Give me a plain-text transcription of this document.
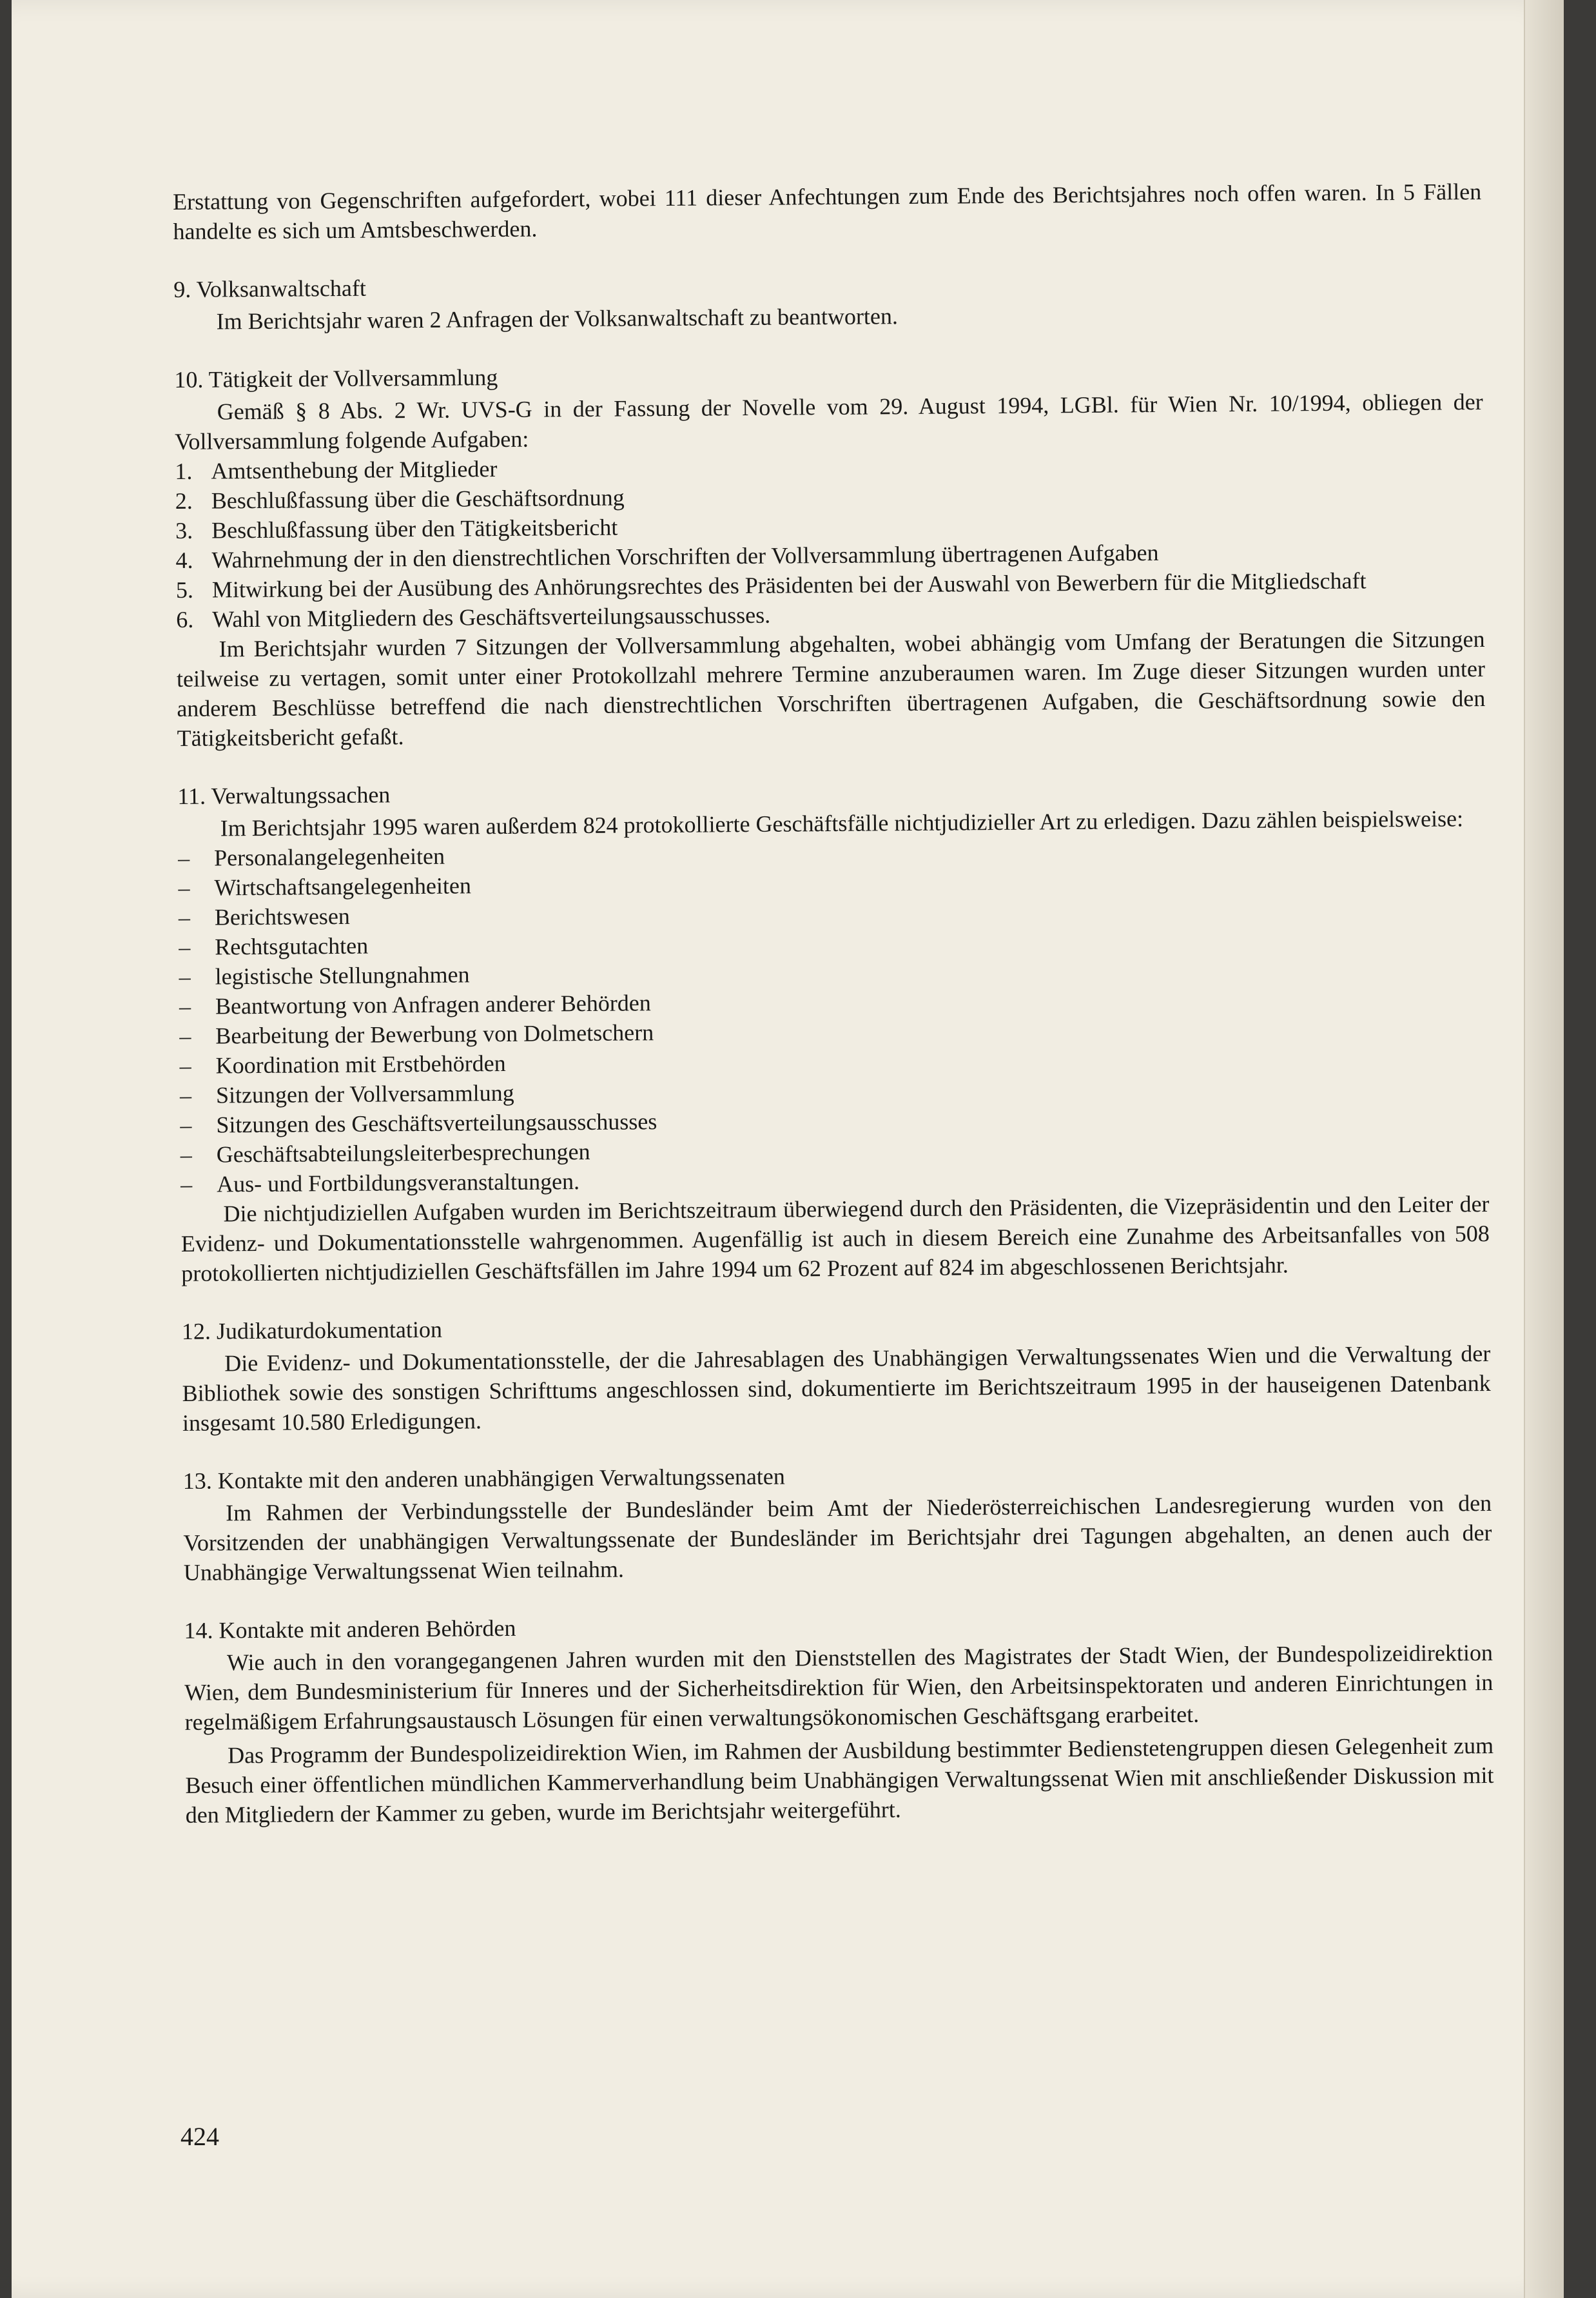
Erstattung von Gegenschriften aufgefordert, wobei 111 dieser Anfechtungen zum Ende des Berichtsjahres noch offen waren. In 5 Fällen handelte es sich um Amtsbeschwerden.

9. Volksanwaltschaft

Im Berichtsjahr waren 2 Anfragen der Volksanwaltschaft zu beantworten.

10. Tätigkeit der Vollversammlung

Gemäß § 8 Abs. 2 Wr. UVS-G in der Fassung der Novelle vom 29. August 1994, LGBl. für Wien Nr. 10/1994, obliegen der Vollversammlung folgende Aufgaben:

1. Amtsenthebung der Mitglieder
2. Beschlußfassung über die Geschäftsordnung
3. Beschlußfassung über den Tätigkeitsbericht
4. Wahrnehmung der in den dienstrechtlichen Vorschriften der Vollversammlung übertragenen Aufgaben
5. Mitwirkung bei der Ausübung des Anhörungsrechtes des Präsidenten bei der Auswahl von Bewerbern für die Mitgliedschaft
6. Wahl von Mitgliedern des Geschäftsverteilungsausschusses.

Im Berichtsjahr wurden 7 Sitzungen der Vollversammlung abgehalten, wobei abhängig vom Umfang der Beratungen die Sitzungen teilweise zu vertagen, somit unter einer Protokollzahl mehrere Termine anzuberaumen waren. Im Zuge dieser Sitzungen wurden unter anderem Beschlüsse betreffend die nach dienstrechtlichen Vorschriften übertragenen Aufgaben, die Geschäftsordnung sowie den Tätigkeitsbericht gefaßt.

11. Verwaltungssachen

Im Berichtsjahr 1995 waren außerdem 824 protokollierte Geschäftsfälle nichtjudizieller Art zu erledigen. Dazu zählen beispielsweise:

– Personalangelegenheiten
– Wirtschaftsangelegenheiten
– Berichtswesen
– Rechtsgutachten
– legistische Stellungnahmen
– Beantwortung von Anfragen anderer Behörden
– Bearbeitung der Bewerbung von Dolmetschern
– Koordination mit Erstbehörden
– Sitzungen der Vollversammlung
– Sitzungen des Geschäftsverteilungsausschusses
– Geschäftsabteilungsleiterbesprechungen
– Aus- und Fortbildungsveranstaltungen.

Die nichtjudiziellen Aufgaben wurden im Berichtszeitraum überwiegend durch den Präsidenten, die Vizepräsidentin und den Leiter der Evidenz- und Dokumentationsstelle wahrgenommen. Augenfällig ist auch in diesem Bereich eine Zunahme des Arbeitsanfalles von 508 protokollierten nichtjudiziellen Geschäftsfällen im Jahre 1994 um 62 Prozent auf 824 im abgeschlossenen Berichtsjahr.

12. Judikaturdokumentation

Die Evidenz- und Dokumentationsstelle, der die Jahresablagen des Unabhängigen Verwaltungssenates Wien und die Verwaltung der Bibliothek sowie des sonstigen Schrifttums angeschlossen sind, dokumentierte im Berichtszeitraum 1995 in der hauseigenen Datenbank insgesamt 10.580 Erledigungen.

13. Kontakte mit den anderen unabhängigen Verwaltungssenaten

Im Rahmen der Verbindungsstelle der Bundesländer beim Amt der Niederösterreichischen Landesregierung wurden von den Vorsitzenden der unabhängigen Verwaltungssenate der Bundesländer im Berichtsjahr drei Tagungen abgehalten, an denen auch der Unabhängige Verwaltungssenat Wien teilnahm.

14. Kontakte mit anderen Behörden

Wie auch in den vorangegangenen Jahren wurden mit den Dienststellen des Magistrates der Stadt Wien, der Bundespolizeidirektion Wien, dem Bundesministerium für Inneres und der Sicherheitsdirektion für Wien, den Arbeitsinspektoraten und anderen Einrichtungen in regelmäßigem Erfahrungsaustausch Lösungen für einen verwaltungsökonomischen Geschäftsgang erarbeitet.

Das Programm der Bundespolizeidirektion Wien, im Rahmen der Ausbildung bestimmter Bedienstetengruppen diesen Gelegenheit zum Besuch einer öffentlichen mündlichen Kammerverhandlung beim Unabhängigen Verwaltungssenat Wien mit anschließender Diskussion mit den Mitgliedern der Kammer zu geben, wurde im Berichtsjahr weitergeführt.

424
